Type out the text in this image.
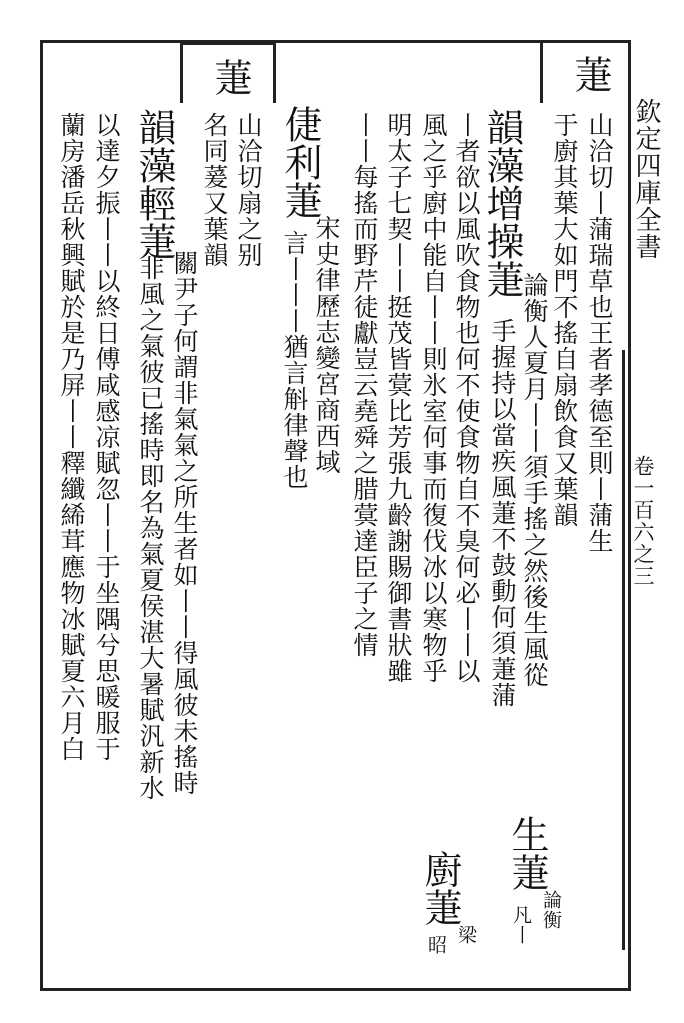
欽定四庫全書
卷一百六之三
萐
山洽切丨蒲瑞草也王者孝德至則丨蒲生
于廚其葉大如門不搖自扇飲食又葉韻
韻藻增操萐
論衡人夏月丨丨須手搖之然後生風從
手握持以當疾風萐不鼓動何須萐蒲
生萐
論衡
凡丨
丨者欲以風吹食物也何不使食物自不臭何必丨丨以
風之乎廚中能自丨丨則氷室何事而復伐冰以寒物乎
廚萐
梁
昭
明太子七契丨丨挺茂皆蓂比芳張九齡謝賜御書狀雖
丨丨每搖而野芹徒獻豈云堯舜之腊蓂達臣子之情
倢利萐
宋史律歷志變宮商西域
言丨丨丨猶言斛律聲也
萐
山洽切扇之别
名同萲又葉韻
韻藻輕萐
關尹子何謂非氣氣之所生者如丨丨得風彼未搖時
非風之氣彼已搖時即名為氣夏侯湛大暑賦汎新水
以達夕振丨丨以終日傅咸感凉賦忽丨丨于坐隅兮思暖服于
蘭房潘岳秋興賦於是乃屏丨丨釋纖絺茸應物冰賦夏六月白
